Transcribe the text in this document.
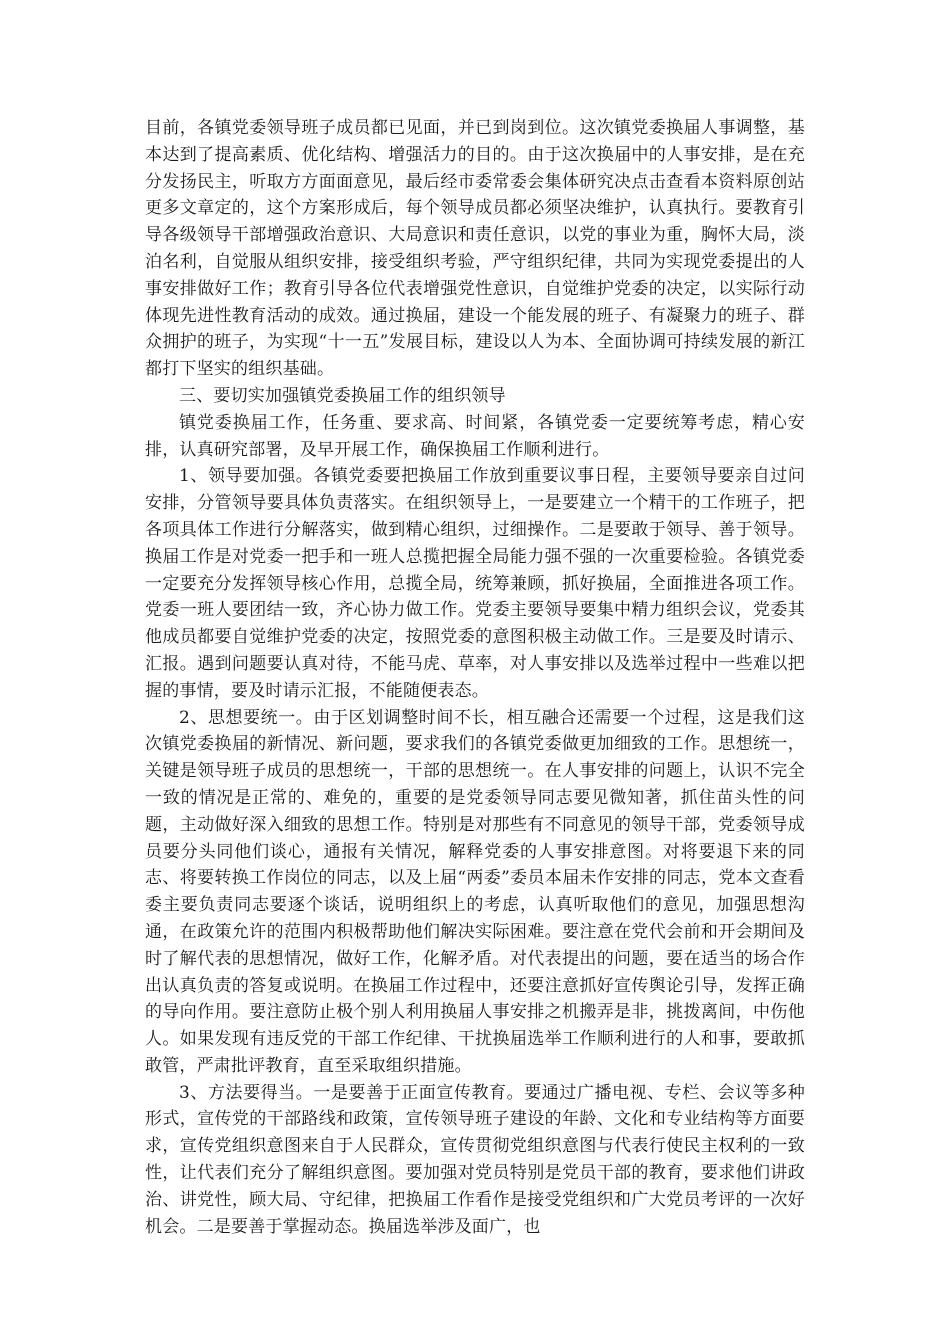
目前，各镇党委领导班子成员都已见面，并已到岗到位。这次镇党委换届人事调整，基本达到了提高素质、优化结构、增强活力的目的。由于这次换届中的人事安排，是在充分发扬民主，听取方方面面意见，最后经市委常委会集体研究决点击查看本资料原创站更多文章定的，这个方案形成后，每个领导成员都必须坚决维护，认真执行。要教育引导各级领导干部增强政治意识、大局意识和责任意识，以党的事业为重，胸怀大局，淡泊名利，自觉服从组织安排，接受组织考验，严守组织纪律，共同为实现党委提出的人事安排做好工作；教育引导各位代表增强党性意识，自觉维护党委的决定，以实际行动体现先进性教育活动的成效。通过换届，建设一个能发展的班子、有凝聚力的班子、群众拥护的班子，为实现“十一五”发展目标，建设以人为本、全面协调可持续发展的新江都打下坚实的组织基础。

三、要切实加强镇党委换届工作的组织领导

镇党委换届工作，任务重、要求高、时间紧，各镇党委一定要统筹考虑，精心安排，认真研究部署，及早开展工作，确保换届工作顺利进行。

1、领导要加强。各镇党委要把换届工作放到重要议事日程，主要领导要亲自过问安排，分管领导要具体负责落实。在组织领导上，一是要建立一个精干的工作班子，把各项具体工作进行分解落实，做到精心组织，过细操作。二是要敢于领导、善于领导。换届工作是对党委一把手和一班人总揽把握全局能力强不强的一次重要检验。各镇党委一定要充分发挥领导核心作用，总揽全局，统筹兼顾，抓好换届，全面推进各项工作。党委一班人要团结一致，齐心协力做工作。党委主要领导要集中精力组织会议，党委其他成员都要自觉维护党委的决定，按照党委的意图积极主动做工作。三是要及时请示、汇报。遇到问题要认真对待，不能马虎、草率，对人事安排以及选举过程中一些难以把握的事情，要及时请示汇报，不能随便表态。

2、思想要统一。由于区划调整时间不长，相互融合还需要一个过程，这是我们这次镇党委换届的新情况、新问题，要求我们的各镇党委做更加细致的工作。思想统一，关键是领导班子成员的思想统一，干部的思想统一。在人事安排的问题上，认识不完全一致的情况是正常的、难免的，重要的是党委领导同志要见微知著，抓住苗头性的问题，主动做好深入细致的思想工作。特别是对那些有不同意见的领导干部，党委领导成员要分头同他们谈心，通报有关情况，解释党委的人事安排意图。对将要退下来的同志、将要转换工作岗位的同志，以及上届“两委”委员本届未作安排的同志，党本文查看委主要负责同志要逐个谈话，说明组织上的考虑，认真听取他们的意见，加强思想沟通，在政策允许的范围内积极帮助他们解决实际困难。要注意在党代会前和开会期间及时了解代表的思想情况，做好工作，化解矛盾。对代表提出的问题，要在适当的场合作出认真负责的答复或说明。在换届工作过程中，还要注意抓好宣传舆论引导，发挥正确的导向作用。要注意防止极个别人利用换届人事安排之机搬弄是非，挑拨离间，中伤他人。如果发现有违反党的干部工作纪律、干扰换届选举工作顺利进行的人和事，要敢抓敢管，严肃批评教育，直至采取组织措施。

3、方法要得当。一是要善于正面宣传教育。要通过广播电视、专栏、会议等多种形式，宣传党的干部路线和政策，宣传领导班子建设的年龄、文化和专业结构等方面要求，宣传党组织意图来自于人民群众，宣传贯彻党组织意图与代表行使民主权利的一致性，让代表们充分了解组织意图。要加强对党员特别是党员干部的教育，要求他们讲政治、讲党性，顾大局、守纪律，把换届工作看作是接受党组织和广大党员考评的一次好机会。二是要善于掌握动态。换届选举涉及面广，也
